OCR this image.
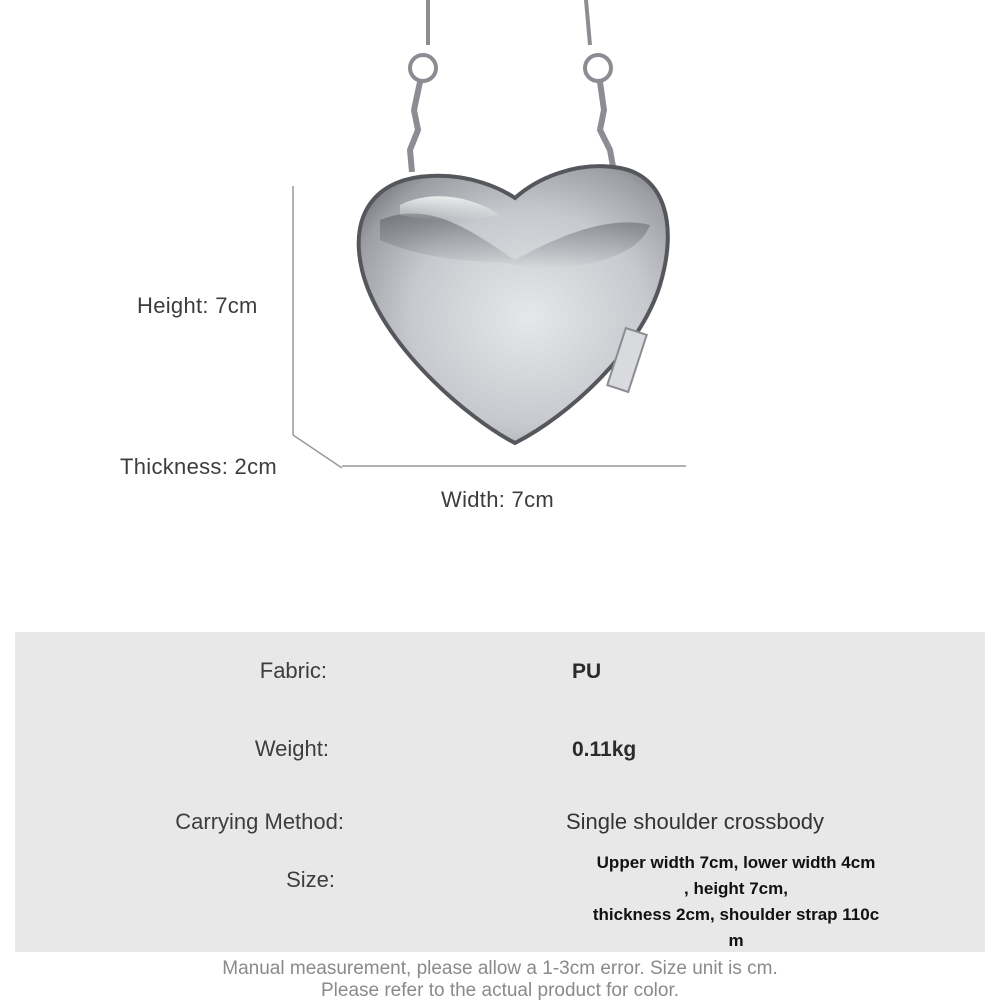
Height: 7cm
Thickness: 2cm
Width: 7cm
Fabric:	PU
Weight:	0.11kg
Carrying Method:	Single shoulder crossbody
Size:
Upper width 7cm, lower width 4cm
, height 7cm,
thickness 2cm, shoulder strap 110c
m
Manual measurement, please allow a 1-3cm error. Size unit is cm.
Please refer to the actual product for color.
